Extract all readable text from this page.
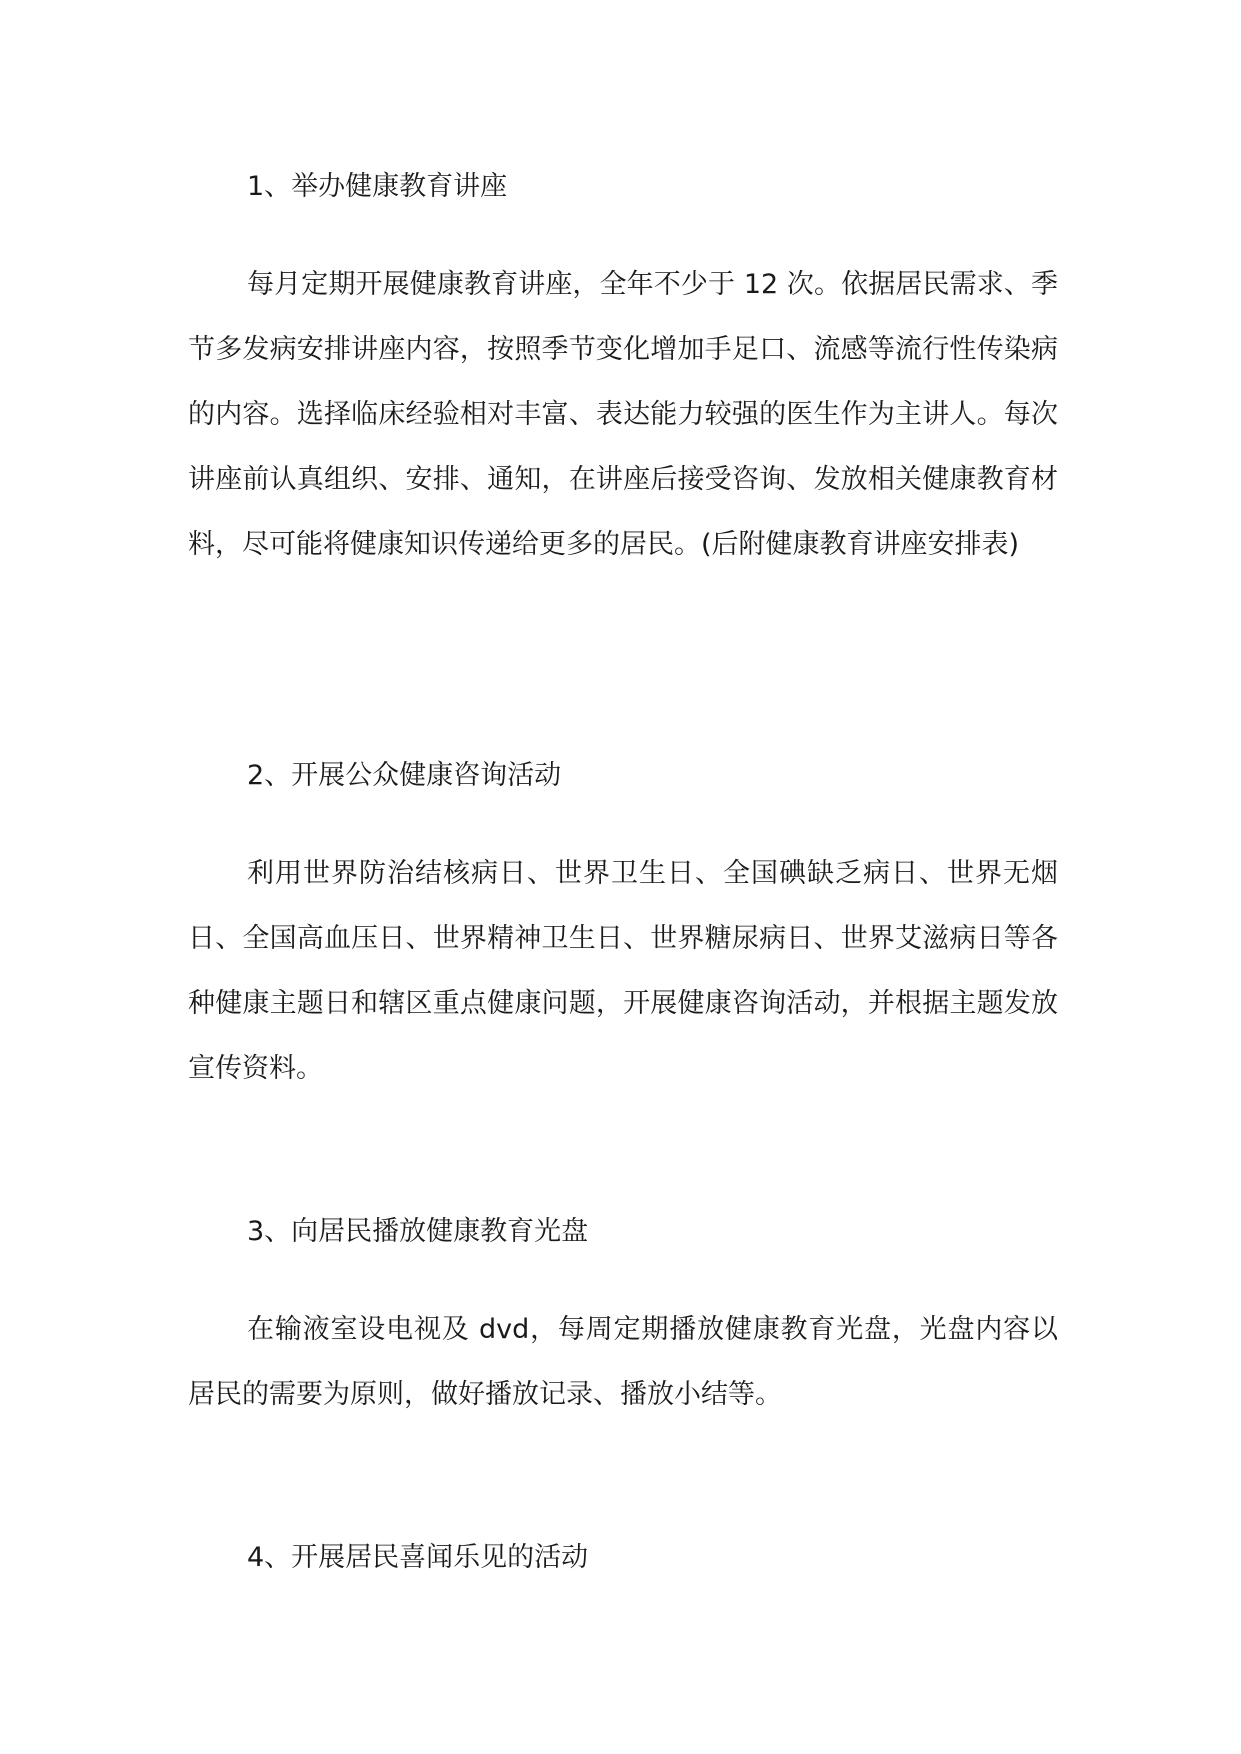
1、举办健康教育讲座

每月定期开展健康教育讲座，全年不少于 12 次。依据居民需求、季节多发病安排讲座内容，按照季节变化增加手足口、流感等流行性传染病的内容。选择临床经验相对丰富、表达能力较强的医生作为主讲人。每次讲座前认真组织、安排、通知，在讲座后接受咨询、发放相关健康教育材料，尽可能将健康知识传递给更多的居民。(后附健康教育讲座安排表)

2、开展公众健康咨询活动

利用世界防治结核病日、世界卫生日、全国碘缺乏病日、世界无烟日、全国高血压日、世界精神卫生日、世界糖尿病日、世界艾滋病日等各种健康主题日和辖区重点健康问题，开展健康咨询活动，并根据主题发放宣传资料。

3、向居民播放健康教育光盘

在输液室设电视及 dvd，每周定期播放健康教育光盘，光盘内容以居民的需要为原则，做好播放记录、播放小结等。

4、开展居民喜闻乐见的活动
